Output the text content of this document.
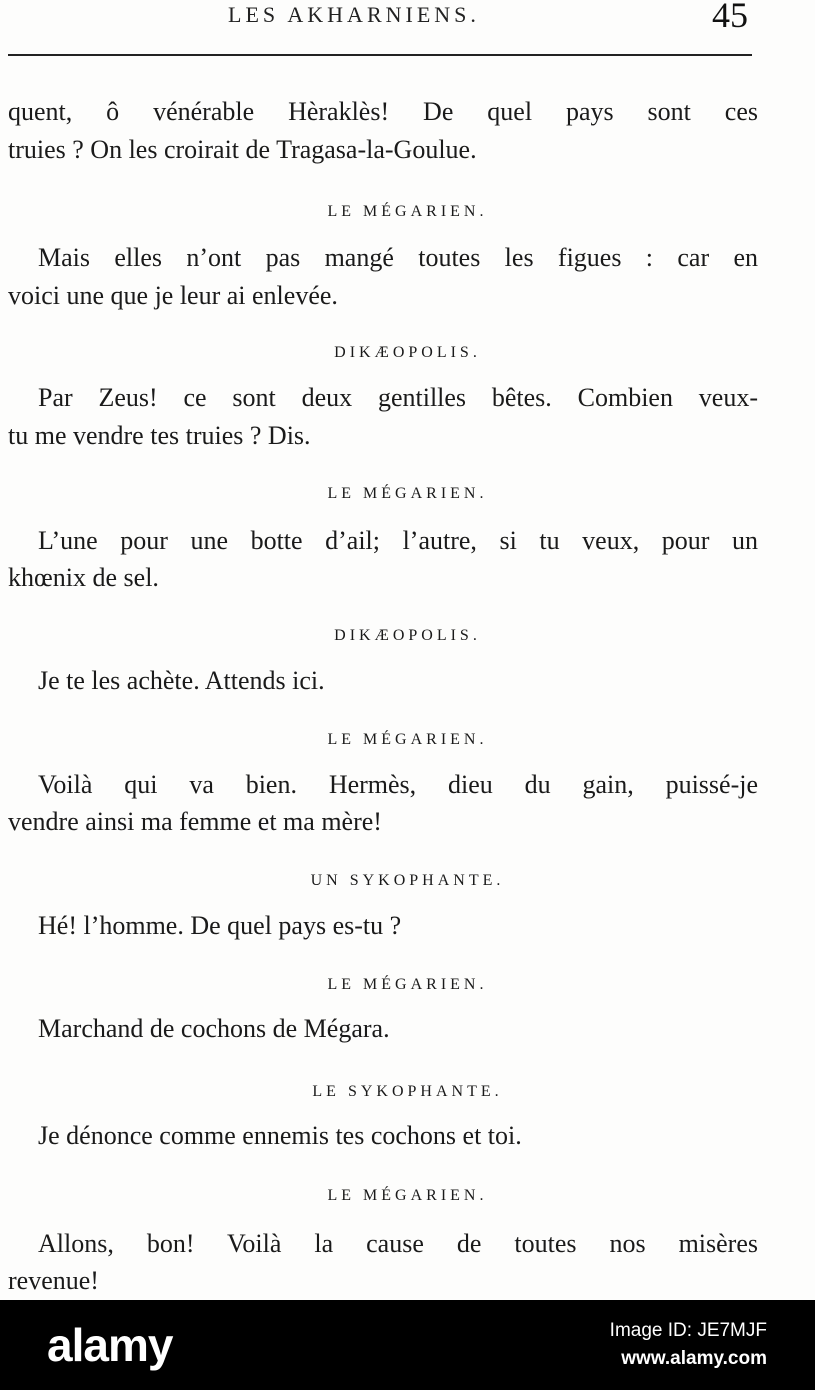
LES AKHARNIENS.	45
quent, ô vénérable Hèraklès! De quel pays sont ces
truies ? On les croirait de Tragasa-la-Goulue.
LE MÉGARIEN.
Mais elles n’ont pas mangé toutes les figues : car en
voici une que je leur ai enlevée.
DIKÆOPOLIS.
Par Zeus! ce sont deux gentilles bêtes. Combien veux-
tu me vendre tes truies ? Dis.
LE MÉGARIEN.
L’une pour une botte d’ail; l’autre, si tu veux, pour un
khœnix de sel.
DIKÆOPOLIS.
Je te les achète. Attends ici.
LE MÉGARIEN.
Voilà qui va bien. Hermès, dieu du gain, puissé-je
vendre ainsi ma femme et ma mère!
UN SYKOPHANTE.
Hé! l’homme. De quel pays es-tu ?
LE MÉGARIEN.
Marchand de cochons de Mégara.
LE SYKOPHANTE.
Je dénonce comme ennemis tes cochons et toi.
LE MÉGARIEN.
Allons, bon! Voilà la cause de toutes nos misères
revenue!
alamy	Image ID: JE7MJF
www.alamy.com
